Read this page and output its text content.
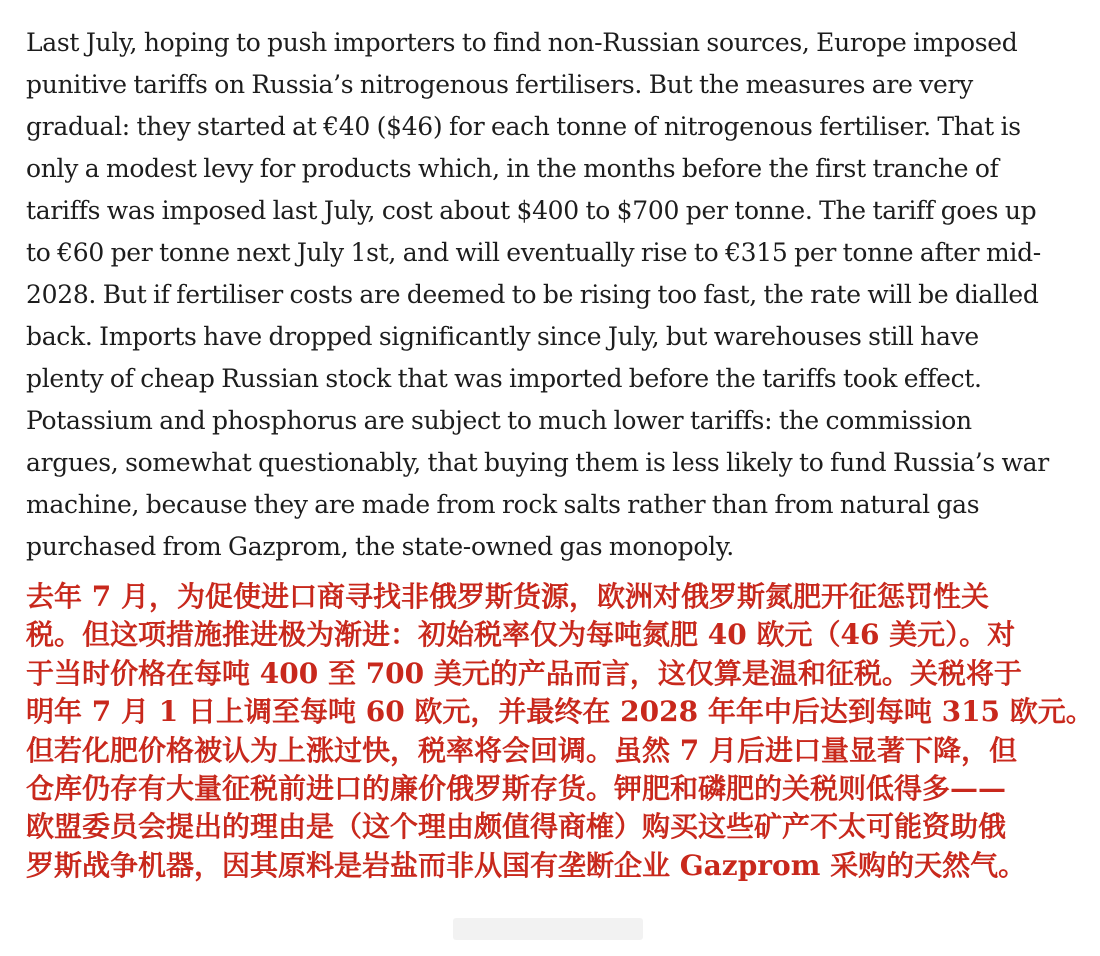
Last July, hoping to push importers to find non-Russian sources, Europe imposed
punitive tariffs on Russia’s nitrogenous fertilisers. But the measures are very
gradual: they started at €40 ($46) for each tonne of nitrogenous fertiliser. That is
only a modest levy for products which, in the months before the first tranche of
tariffs was imposed last July, cost about $400 to $700 per tonne. The tariff goes up
to €60 per tonne next July 1st, and will eventually rise to €315 per tonne after mid-
2028. But if fertiliser costs are deemed to be rising too fast, the rate will be dialled
back. Imports have dropped significantly since July, but warehouses still have
plenty of cheap Russian stock that was imported before the tariffs took effect.
Potassium and phosphorus are subject to much lower tariffs: the commission
argues, somewhat questionably, that buying them is less likely to fund Russia’s war
machine, because they are made from rock salts rather than from natural gas
purchased from Gazprom, the state-owned gas monopoly.

去年 7 月，为促使进口商寻找非俄罗斯货源，欧洲对俄罗斯氮肥开征惩罚性关
税。但这项措施推进极为渐进：初始税率仅为每吨氮肥 40 欧元（46 美元）。对
于当时价格在每吨 400 至 700 美元的产品而言，这仅算是温和征税。关税将于
明年 7 月 1 日上调至每吨 60 欧元，并最终在 2028 年年中后达到每吨 315 欧元。
但若化肥价格被认为上涨过快，税率将会回调。虽然 7 月后进口量显著下降，但
仓库仍存有大量征税前进口的廉价俄罗斯存货。钾肥和磷肥的关税则低得多——
欧盟委员会提出的理由是（这个理由颇值得商榷）购买这些矿产不太可能资助俄
罗斯战争机器，因其原料是岩盐而非从国有垄断企业 Gazprom 采购的天然气。
